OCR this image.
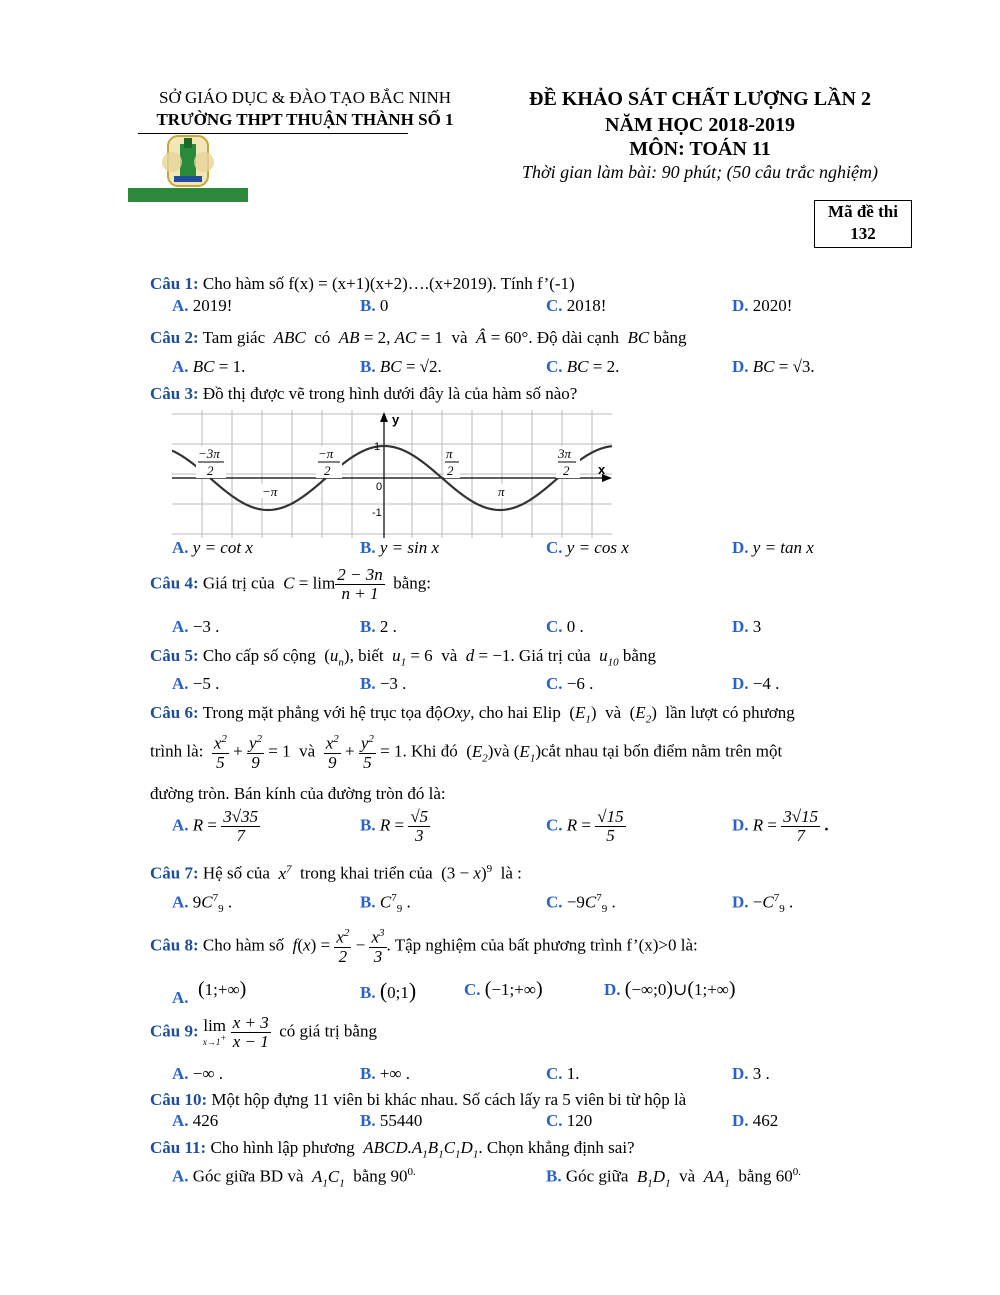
SỞ GIÁO DỤC & ĐÀO TẠO BẮC NINH
TRƯỜNG THPT THUẬN THÀNH SỐ 1
ĐỀ KHẢO SÁT CHẤT LƯỢNG LẦN 2
NĂM HỌC 2018-2019
MÔN: TOÁN 11
Thời gian làm bài: 90 phút; (50 câu trắc nghiệm)
Mã đề thi
132
Câu 1: Cho hàm số f(x) = (x+1)(x+2)….(x+2019). Tính f’(-1)
A. 2019!	B. 0	C. 2018!	D. 2020!
Câu 2: Tam giác  ABC  có  AB = 2, AC = 1  và Â = 60°. Độ dài cạnh  BC bằng
A. BC = 1.	B. BC = √2.	C. BC = 2.	D. BC = √3.
Câu 3: Đồ thị được vẽ trong hình dưới đây là của hàm số nào?
y
x
1
-1
0
−3π
2
−π
−π
2
π
2
π
3π
2
A. y = cot x	B. y = sin x	C. y = cos x	D. y = tan x
Câu 4: Giá trị của  $C = \lim \frac{2 - 3n}{n + 1}$ bằng:
A. −3 .	B. 2 .	C. 0 .	D. 3
Câu 5: Cho cấp số cộng  $(u_n)$, biết $u_1 = 6$  và d = −1. Giá trị của $u_{10}$ bằng
A. −5 .	B. −3 .	C. −6 .	D. −4 .
Câu 6: Trong mặt phẳng với hệ trục tọa độOxy, cho hai Elip  $(E_1)$  và  $(E_2)$  lần lượt có phương
trình là: $\frac{x^2}{5} + \frac{y^2}{9} = 1$  và $\frac{x^2}{9} + \frac{y^2}{5} = 1$. Khi đó  $(E_2)và$ $(E_1)cắt$ nhau tại bốn điểm nằm trên một
đường tròn. Bán kính của đường tròn đó là:
A. $R = \frac{3√35}{7}$	B. $R = \frac{√5}{3}$	C. $R = \frac{√15}{5}$	D. $R = \frac{3√15}{7}$ .
Câu 7: Hệ số của $x^7$ trong khai triển của  $(3 - x)^9$ là :
A. $9C^7_9$ .	B. $C^7_9$ .	C. $-9C^7_9$ .	D. $-C^7_9$ .
Câu 8: Cho hàm số $f(x) = \frac{x^2}{2} - \frac{x^3}{3}$ . Tập nghiệm của bất phương trình f’(x)>0 là:
A. (1;+∞)	B. (0;1)	C. (−1;+∞)	D. (−∞;0)∪(1;+∞)
Câu 9: lim
x→1+
$\frac{x + 3}{x - 1}$ có giá trị bằng
A. −∞ .	B. +∞ .	C. 1.	D. 3 .
Câu 10: Một hộp đựng 11 viên bi khác nhau. Số cách lấy ra 5 viên bi từ hộp là
A. 426	B. 55440	C. 120	D. 462
Câu 11: Cho hình lập phương $ABCD.A_1B_1C_1D_1$. Chọn khẳng định sai?
A. Góc giữa BD và  $A_1C_1$ bằng $90^{0.}$	B. Góc giữa  $B_1D_1$ và  $AA_1$ bằng $60^{0.}$
